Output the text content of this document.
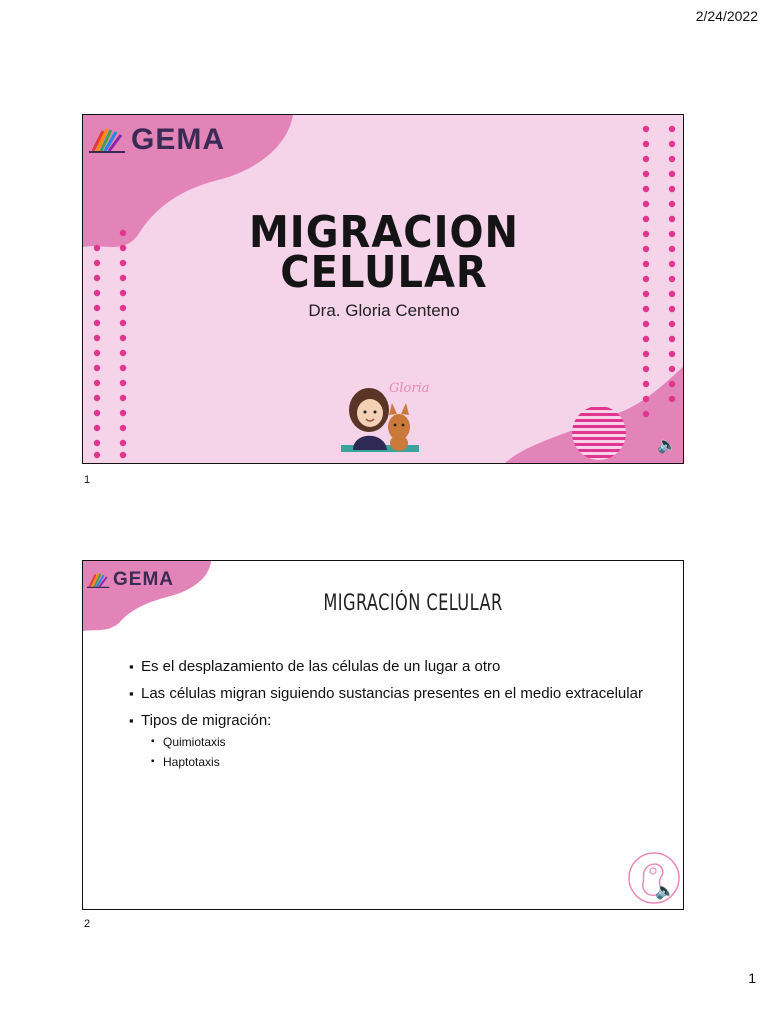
2/24/2022
GEMA
MIGRACION
CELULAR
Dra. Gloria Centeno
Gloria
🔈
1
GEMA
MIGRACIÓN CELULAR
▪ Es el desplazamiento de las células de un lugar a otro
▪ Las células migran siguiendo sustancias presentes en el medio extracelular
▪ Tipos de migración:
▪ Quimiotaxis
▪ Haptotaxis
🔈
2
1
